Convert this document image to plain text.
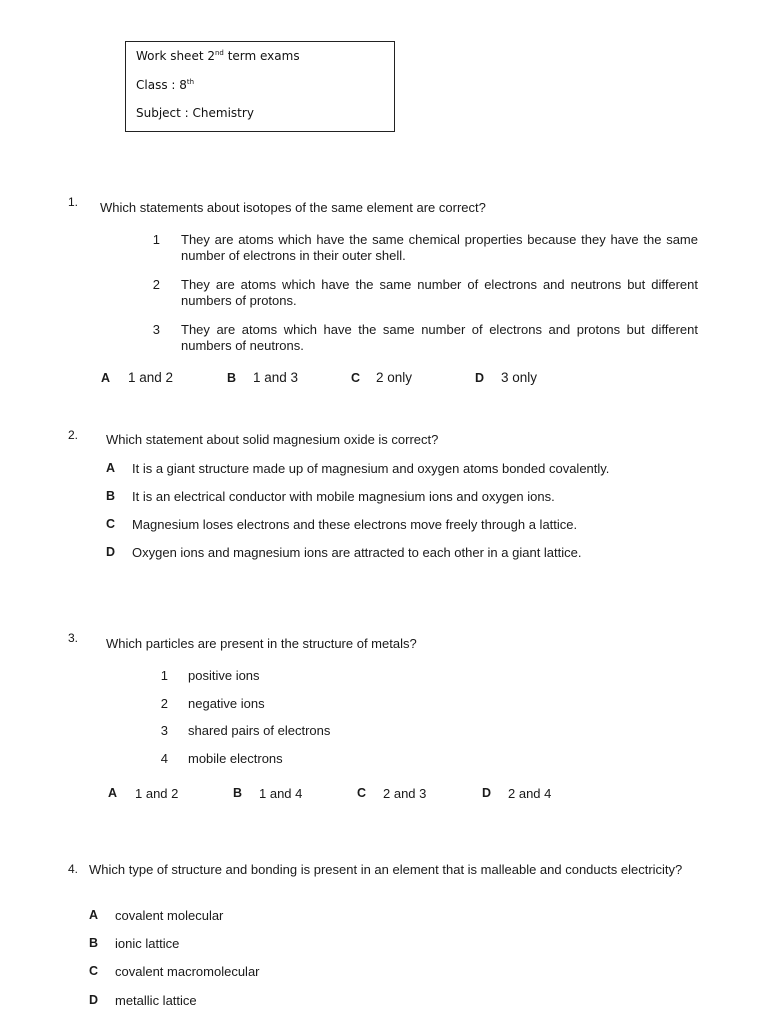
Work sheet 2nd term exams
Class : 8th
Subject : Chemistry
1. Which statements about isotopes of the same element are correct?
1 They are atoms which have the same chemical properties because they have the same number of electrons in their outer shell.
2 They are atoms which have the same number of electrons and neutrons but different numbers of protons.
3 They are atoms which have the same number of electrons and protons but different numbers of neutrons.
A 1 and 2	B 1 and 3	C 2 only	D 3 only
2. Which statement about solid magnesium oxide is correct?
A It is a giant structure made up of magnesium and oxygen atoms bonded covalently.
B It is an electrical conductor with mobile magnesium ions and oxygen ions.
C Magnesium loses electrons and these electrons move freely through a lattice.
D Oxygen ions and magnesium ions are attracted to each other in a giant lattice.
3. Which particles are present in the structure of metals?
1 positive ions
2 negative ions
3 shared pairs of electrons
4 mobile electrons
A 1 and 2	B 1 and 4	C 2 and 3	D 2 and 4
4. Which type of structure and bonding is present in an element that is malleable and conducts electricity?
A covalent molecular
B ionic lattice
C covalent macromolecular
D metallic lattice
